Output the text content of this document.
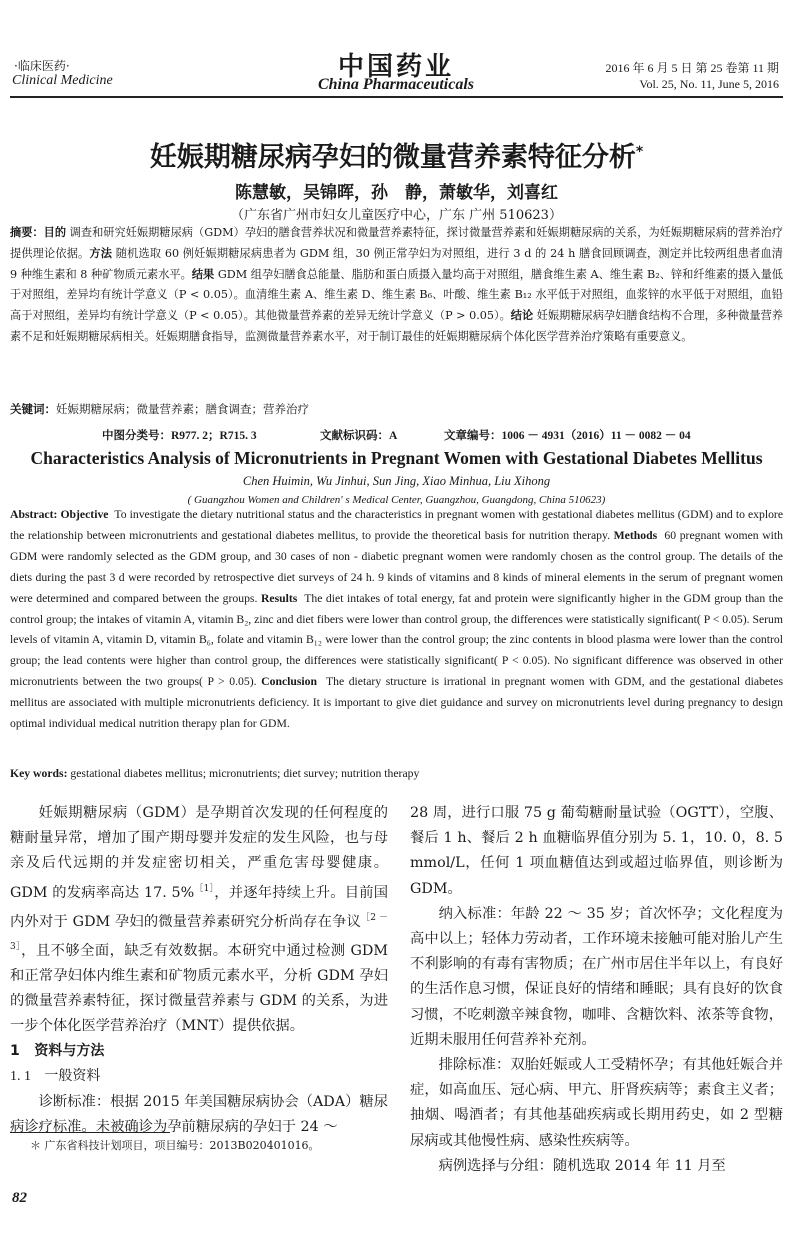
·临床医药·
Clinical Medicine	中国药业
China Pharmaceuticals
2016 年 6 月 5 日 第 25 卷第 11 期
Vol. 25, No. 11, June 5, 2016
妊娠期糖尿病孕妇的微量营养素特征分析*
陈慧敏，吴锦晖，孙　静，萧敏华，刘喜红
（广东省广州市妇女儿童医疗中心，广东 广州 510623）
摘要：目的 调查和研究妊娠期糖尿病（GDM）孕妇的膳食营养状况和微量营养素特征，探讨微量营养素和妊娠期糖尿病的关系，为妊娠期糖尿病的营养治疗提供理论依据。方法 随机选取 60 例妊娠期糖尿病患者为 GDM 组，30 例正常孕妇为对照组，进行 3 d 的 24 h 膳食回顾调查，测定并比较两组患者血清 9 种维生素和 8 种矿物质元素水平。结果 GDM 组孕妇膳食总能量、脂肪和蛋白质摄入量均高于对照组，膳食维生素 A、维生素 B₂、锌和纤维素的摄入量低于对照组，差异均有统计学意义（P < 0.05）。血清维生素 A、维生素 D、维生素 B₆、叶酸、维生素 B₁₂ 水平低于对照组，血浆锌的水平低于对照组，血铅高于对照组，差异均有统计学意义（P < 0.05）。其他微量营养素的差异无统计学意义（P > 0.05）。结论 妊娠期糖尿病孕妇膳食结构不合理，多种微量营养素不足和妊娠期糖尿病相关。妊娠期膳食指导，监测微量营养素水平，对于制订最佳的妊娠期糖尿病个体化医学营养治疗策略有重要意义。
关键词：妊娠期糖尿病；微量营养素；膳食调查；营养治疗
中图分类号：R977. 2；R715. 3	文献标识码：A	文章编号：1006 － 4931（2016）11 － 0082 － 04
Characteristics Analysis of Micronutrients in Pregnant Women with Gestational Diabetes Mellitus
Chen Huimin, Wu Jinhui, Sun Jing, Xiao Minhua, Liu Xihong
( Guangzhou Women and Children' s Medical Center, Guangzhou, Guangdong, China 510623)
Abstract: Objective To investigate the dietary nutritional status and the characteristics in pregnant women with gestational diabetes mellitus (GDM) and to explore the relationship between micronutrients and gestational diabetes mellitus, to provide the theoretical basis for nutrition therapy. Methods 60 pregnant women with GDM were randomly selected as the GDM group, and 30 cases of non - diabetic pregnant women were randomly chosen as the control group. The details of the diets during the past 3 d were recorded by retrospective diet surveys of 24 h. 9 kinds of vitamins and 8 kinds of mineral elements in the serum of pregnant women were determined and compared between the groups. Results The diet intakes of total energy, fat and protein were significantly higher in the GDM group than the control group; the intakes of vitamin A, vitamin B₂, zinc and diet fibers were lower than control group, the differences were statistically significant( P < 0.05). Serum levels of vitamin A, vitamin D, vitamin B₆, folate and vitamin B₁₂ were lower than the control group; the zinc contents in blood plasma were lower than the control group; the lead contents were higher than control group, the differences were statistically significant( P < 0.05). No significant difference was observed in other micronutrients between the two groups( P > 0.05). Conclusion The dietary structure is irrational in pregnant women with GDM, and the gestational diabetes mellitus are associated with multiple micronutrients deficiency. It is important to give diet guidance and survey on micronutrients level during pregnancy to design optimal individual medical nutrition therapy plan for GDM.
Key words: gestational diabetes mellitus; micronutrients; diet survey; nutrition therapy

妊娠期糖尿病（GDM）是孕期首次发现的任何程度的糖耐量异常，增加了围产期母婴并发症的发生风险，也与母亲及后代远期的并发症密切相关，严重危害母婴健康。GDM 的发病率高达 17. 5%$^{[1]}$，并逐年持续上升。目前国内外对于 GDM 孕妇的微量营养素研究分析尚存在争议$^{[2 - 3]}$，且不够全面，缺乏有效数据。本研究中通过检测 GDM 和正常孕妇体内维生素和矿物质元素水平，分析 GDM 孕妇的微量营养素特征，探讨微量营养素与 GDM 的关系，为进一步个体化医学营养治疗（MNT）提供依据。

1 资料与方法

1. 1 一般资料

诊断标准：根据 2015 年美国糖尿病协会（ADA）糖尿病诊疗标准。未被确诊为孕前糖尿病的孕妇于 24 ～

28 周，进行口服 75 g 葡萄糖耐量试验（OGTT），空腹、餐后 1 h、餐后 2 h 血糖临界值分别为 5. 1，10. 0，8. 5 mmol/L，任何 1 项血糖值达到或超过临界值，则诊断为 GDM。

纳入标准：年龄 22 ～ 35 岁；首次怀孕；文化程度为高中以上；轻体力劳动者，工作环境未接触可能对胎儿产生不利影响的有毒有害物质；在广州市居住半年以上，有良好的生活作息习惯，保证良好的情绪和睡眠；具有良好的饮食习惯，不吃刺激辛辣食物，咖啡、含糖饮料、浓茶等食物，近期未服用任何营养补充剂。

排除标准：双胎妊娠或人工受精怀孕；有其他妊娠合并症，如高血压、冠心病、甲亢、肝肾疾病等；素食主义者；抽烟、喝酒者；有其他基础疾病或长期用药史，如 2 型糖尿病或其他慢性病、感染性疾病等。

病例选择与分组：随机选取 2014 年 11 月至

＊ 广东省科技计划项目，项目编号：2013B020401016。
82
